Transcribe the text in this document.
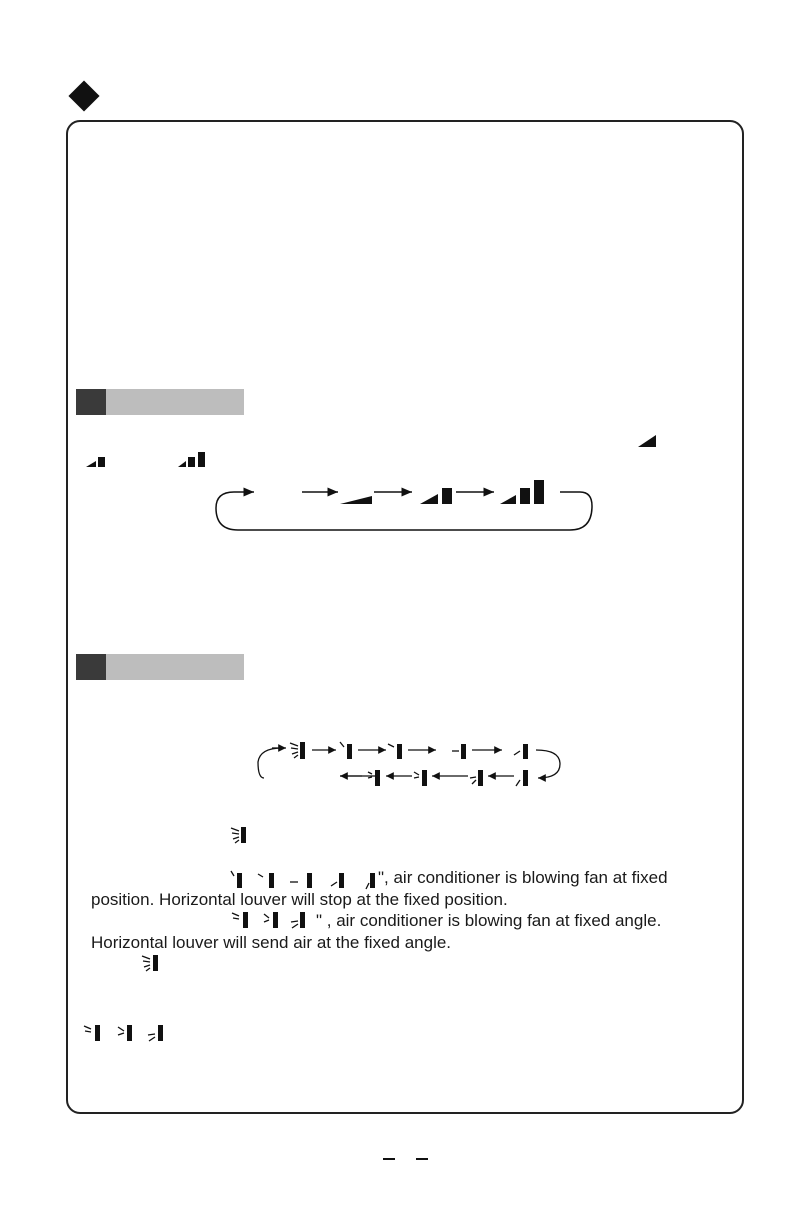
", air conditioner is blowing fan at fixed
position. Horizontal louver will stop at the fixed position.
" , air conditioner is blowing fan at fixed angle.
Horizontal louver will send air at the fixed angle.
